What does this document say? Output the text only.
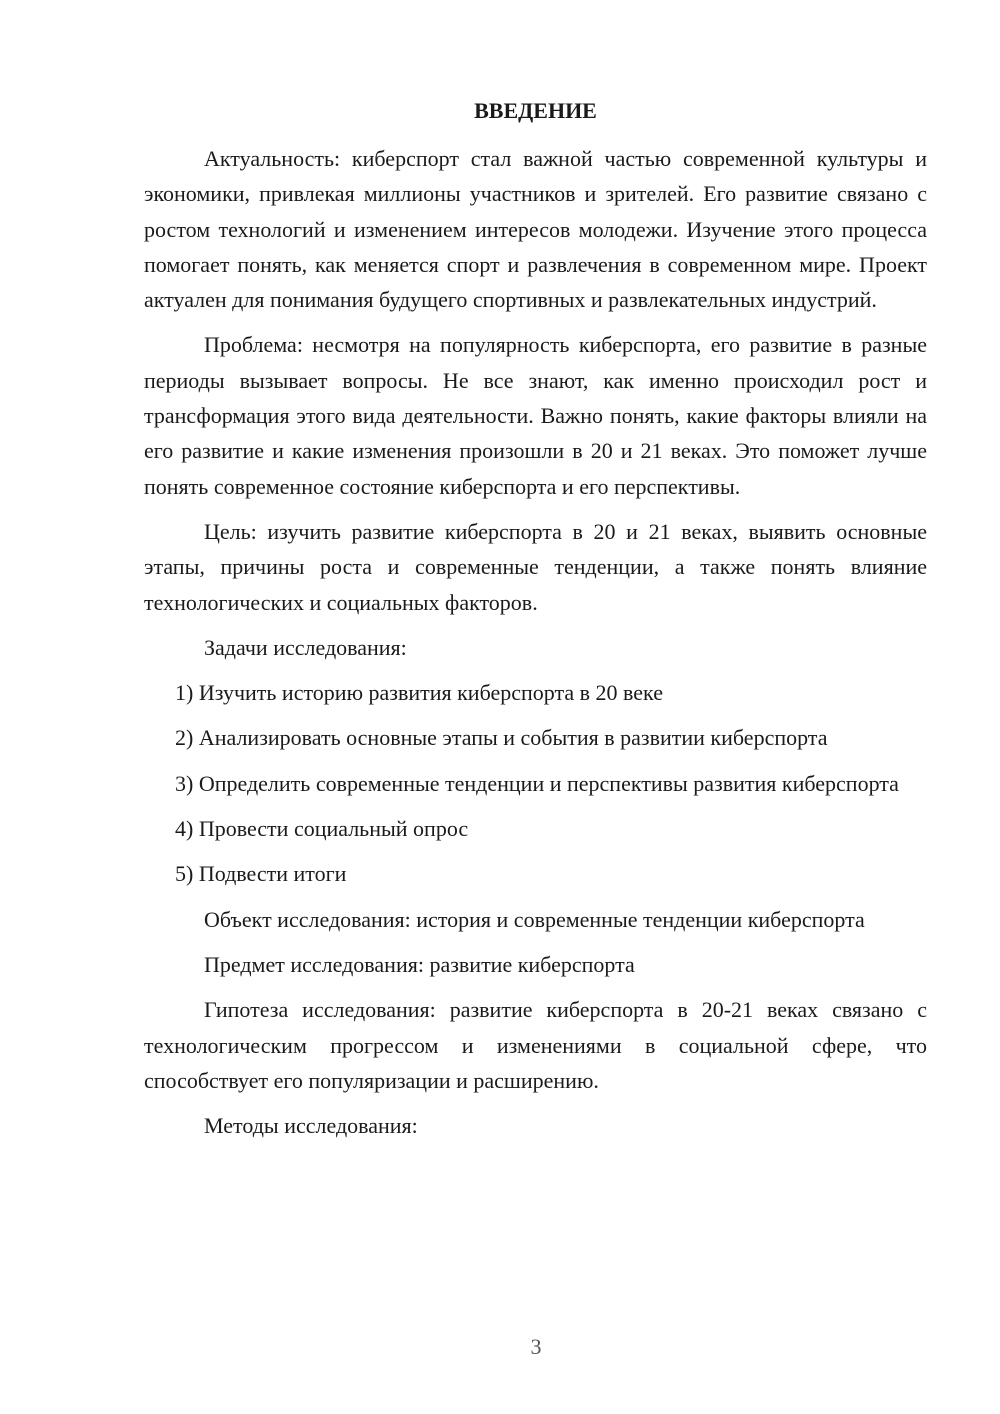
ВВЕДЕНИЕ

Актуальность: киберспорт стал важной частью современной культуры и экономики, привлекая миллионы участников и зрителей. Его развитие связано с ростом технологий и изменением интересов молодежи. Изучение этого процесса помогает понять, как меняется спорт и развлечения в современном мире. Проект актуален для понимания будущего спортивных и развлекательных индустрий.

Проблема: несмотря на популярность киберспорта, его развитие в разные периоды вызывает вопросы. Не все знают, как именно происходил рост и трансформация этого вида деятельности. Важно понять, какие факторы влияли на его развитие и какие изменения произошли в 20 и 21 веках. Это поможет лучше понять современное состояние киберспорта и его перспективы.

Цель: изучить развитие киберспорта в 20 и 21 веках, выявить основные этапы, причины роста и современные тенденции, а также понять влияние технологических и социальных факторов.

Задачи исследования:

1) Изучить историю развития киберспорта в 20 веке

2) Анализировать основные этапы и события в развитии киберспорта

3) Определить современные тенденции и перспективы развития киберспорта

4) Провести социальный опрос

5) Подвести итоги

Объект исследования: история и современные тенденции киберспорта

Предмет исследования: развитие киберспорта

Гипотеза исследования: развитие киберспорта в 20-21 веках связано с технологическим прогрессом и изменениями в социальной сфере, что способствует его популяризации и расширению.

Методы исследования:

3
